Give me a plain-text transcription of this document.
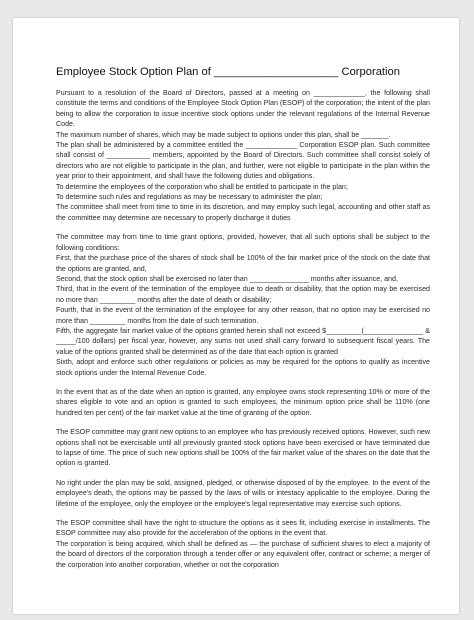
Employee Stock Option Plan of ____________________ Corporation

Pursuant to a resolution of the Board of Directors, passed at a meeting on _____________, the following shall constitute the terms and conditions of the Employee Stock Option Plan (ESOP) of the corporation; the intent of the plan being to allow the corporation to issue incentive stock options under the relevant regulations of the Internal Revenue Code.

The maximum number of shares, which may be made subject to options under this plan, shall be _______.

The plan shall be administered by a committee entitled the _____________ Corporation ESOP plan. Such committee shall consist of ___________ members, appointed by the Board of Directors. Such committee shall consist solely of directors who are not eligible to participate in the plan, and further, were not eligible to participate in the plan within the year prior to their appointment, and shall have the following duties and obligations.

To determine the employees of the corporation who shall be entitled to participate in the plan;

To determine such rules and regulations as may be necessary to administer the plan;

The committee shall meet from time to time in its discretion, and may employ such legal, accounting and other staff as the committee may determine are necessary to properly discharge it duties

The committee may from time to time grant options, provided, however, that all such options shall be subject to the following conditions:

First, that the purchase price of the shares of stock shall be 100% of the fair market price of the stock on the date that the options are granted, and,

Second, that the stock option shall be exercised no later than _______________ months after issuance, and,

Third, that in the event of the termination of the employee due to death or disability, that the option may be exercised no more than _________ months after the date of death or disability;

Fourth, that in the event of the termination of the employee for any other reason, that no option may be exercised no more than _________ months from the date of such termination.

Fifth, the aggregate fair market value of the options granted herein shall not exceed $_________(_______________ & _____/100 dollars) per fiscal year, however, any sums not used shall carry forward to subsequent fiscal years. The value of the options granted shall be determined as of the date that each option is granted

Sixth, adopt and enforce such other regulations or policies as may be required for the options to qualify as incentive stock options under the Internal Revenue Code.

In the event that as of the date when an option is granted, any employee owns stock representing 10% or more of the shares eligible to vote and an option is granted to such employees, the minimum option price shall be 110% (one hundred ten per cent) of the fair market value at the time of granting of the option.

The ESOP committee may grant new options to an employee who has previously received options. However, such new options shall not be exercisable until all previously granted stock options have been exercised or have terminated due to lapse of time. The price of such new options shall be 100% of the fair market value of the shares on the date that the option is granted.

No right under the plan may be sold, assigned, pledged, or otherwise disposed of by the employee. In the event of the employee's death, the options may be passed by the laws of wills or intestacy applicable to the employee. During the lifetime of the employee, only the employee or the employee's legal representative may exercise such options.

The ESOP committee shall have the right to structure the options as it sees fit, including exercise in installments. The ESOP committee may also provide for the acceleration of the options in the event that.

The corporation is being acquired, which shall be defined as — the purchase of sufficient shares to elect a majority of the board of directors of the corporation through a tender offer or any equivalent offer, contract or scheme; a merger of the corporation into another corporation, whether or not the corporation
